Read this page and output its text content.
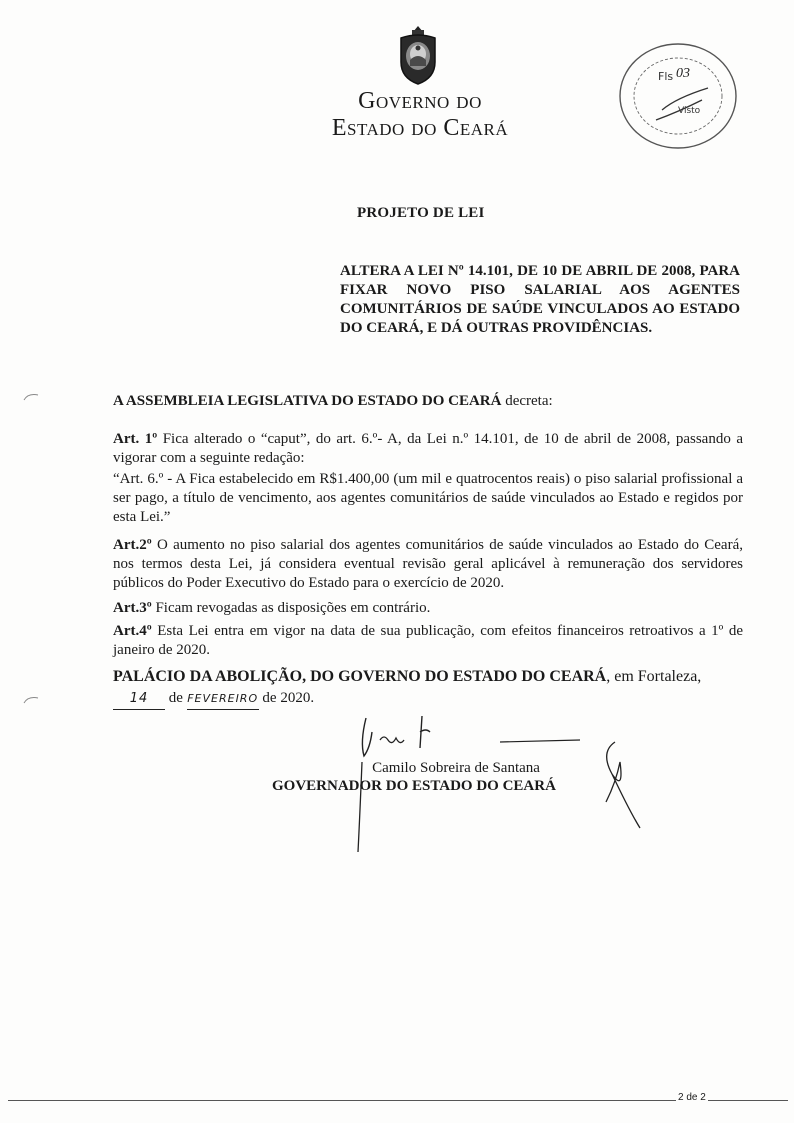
Governo do
Estado do Ceará
Fls 03
Visto
PROJETO DE LEI
ALTERA A LEI Nº 14.101, DE 10 DE ABRIL DE 2008, PARA FIXAR NOVO PISO SALARIAL AOS AGENTES COMUNITÁRIOS DE SAÚDE VINCULADOS AO ESTADO DO CEARÁ, E DÁ OUTRAS PROVIDÊNCIAS.
A ASSEMBLEIA LEGISLATIVA DO ESTADO DO CEARÁ decreta:
Art. 1º Fica alterado o “caput”, do art. 6.º- A, da Lei n.º 14.101, de 10 de abril de 2008, passando a vigorar com a seguinte redação:
“Art. 6.º - A Fica estabelecido em R$1.400,00 (um mil e quatrocentos reais) o piso salarial profissional a ser pago, a título de vencimento, aos agentes comunitários de saúde vinculados ao Estado e regidos por esta Lei.”
Art.2º O aumento no piso salarial dos agentes comunitários de saúde vinculados ao Estado do Ceará, nos termos desta Lei, já considera eventual revisão geral aplicável à remuneração dos servidores públicos do Poder Executivo do Estado para o exercício de 2020.
Art.3º Ficam revogadas as disposições em contrário.
Art.4º Esta Lei entra em vigor na data de sua publicação, com efeitos financeiros retroativos a 1º de janeiro de 2020.
PALÁCIO DA ABOLIÇÃO, DO GOVERNO DO ESTADO DO CEARÁ, em Fortaleza,
14 de FEVEREIRO de 2020.
Camilo Sobreira de Santana
GOVERNADOR DO ESTADO DO CEARÁ
2 de 2
